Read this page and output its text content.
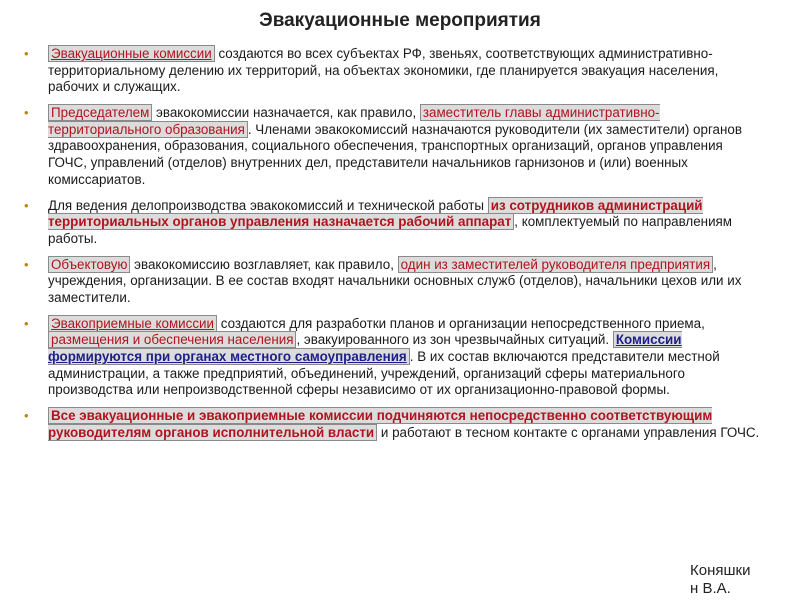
Эвакуационные мероприятия
• Эвакуационные комиссии создаются во всех субъектах РФ, звеньях, соответствующих административно-территориальному делению их территорий, на объектах экономики, где планируется эвакуация населения, рабочих и служащих.
• Председателем эвакокомиссии назначается, как правило, заместитель главы административно-территориального образования . Членами эвакокомиссий назначаются руководители (их заместители) органов здравоохранения, образования, социального обеспечения, транспортных организаций, органов управления ГОЧС, управлений (отделов) внутренних дел, представители начальников гарнизонов и (или) военных комиссариатов.
• Для ведения делопроизводства эвакокомиссий и технической работы из сотрудников администраций территориальных органов управления назначается рабочий аппарат , комплектуемый по направлениям работы.
• Объектовую эвакокомиссию возглавляет, как правило, один из заместителей руководителя предприятия , учреждения, организации. В ее состав входят начальники основных служб (отделов), начальники цехов или их заместители.
• Эвакоприемные комиссии создаются для разработки планов и организации непосредственного приема, размещения и обеспечения населения , эвакуированного из зон чрезвычайных ситуаций. Комиссии формируются при органах местного самоуправления . В их состав включаются представители местной администрации, а также предприятий, объединений, учреждений, организаций сферы материального производства или непроизводственной сферы независимо от их организационно-правовой формы.
• Все эвакуационные и эвакоприемные комиссии подчиняются непосредственно соответствующим руководителям органов исполнительной власти и работают в тесном контакте с органами управления ГОЧС.
Коняшки
н В.А.
